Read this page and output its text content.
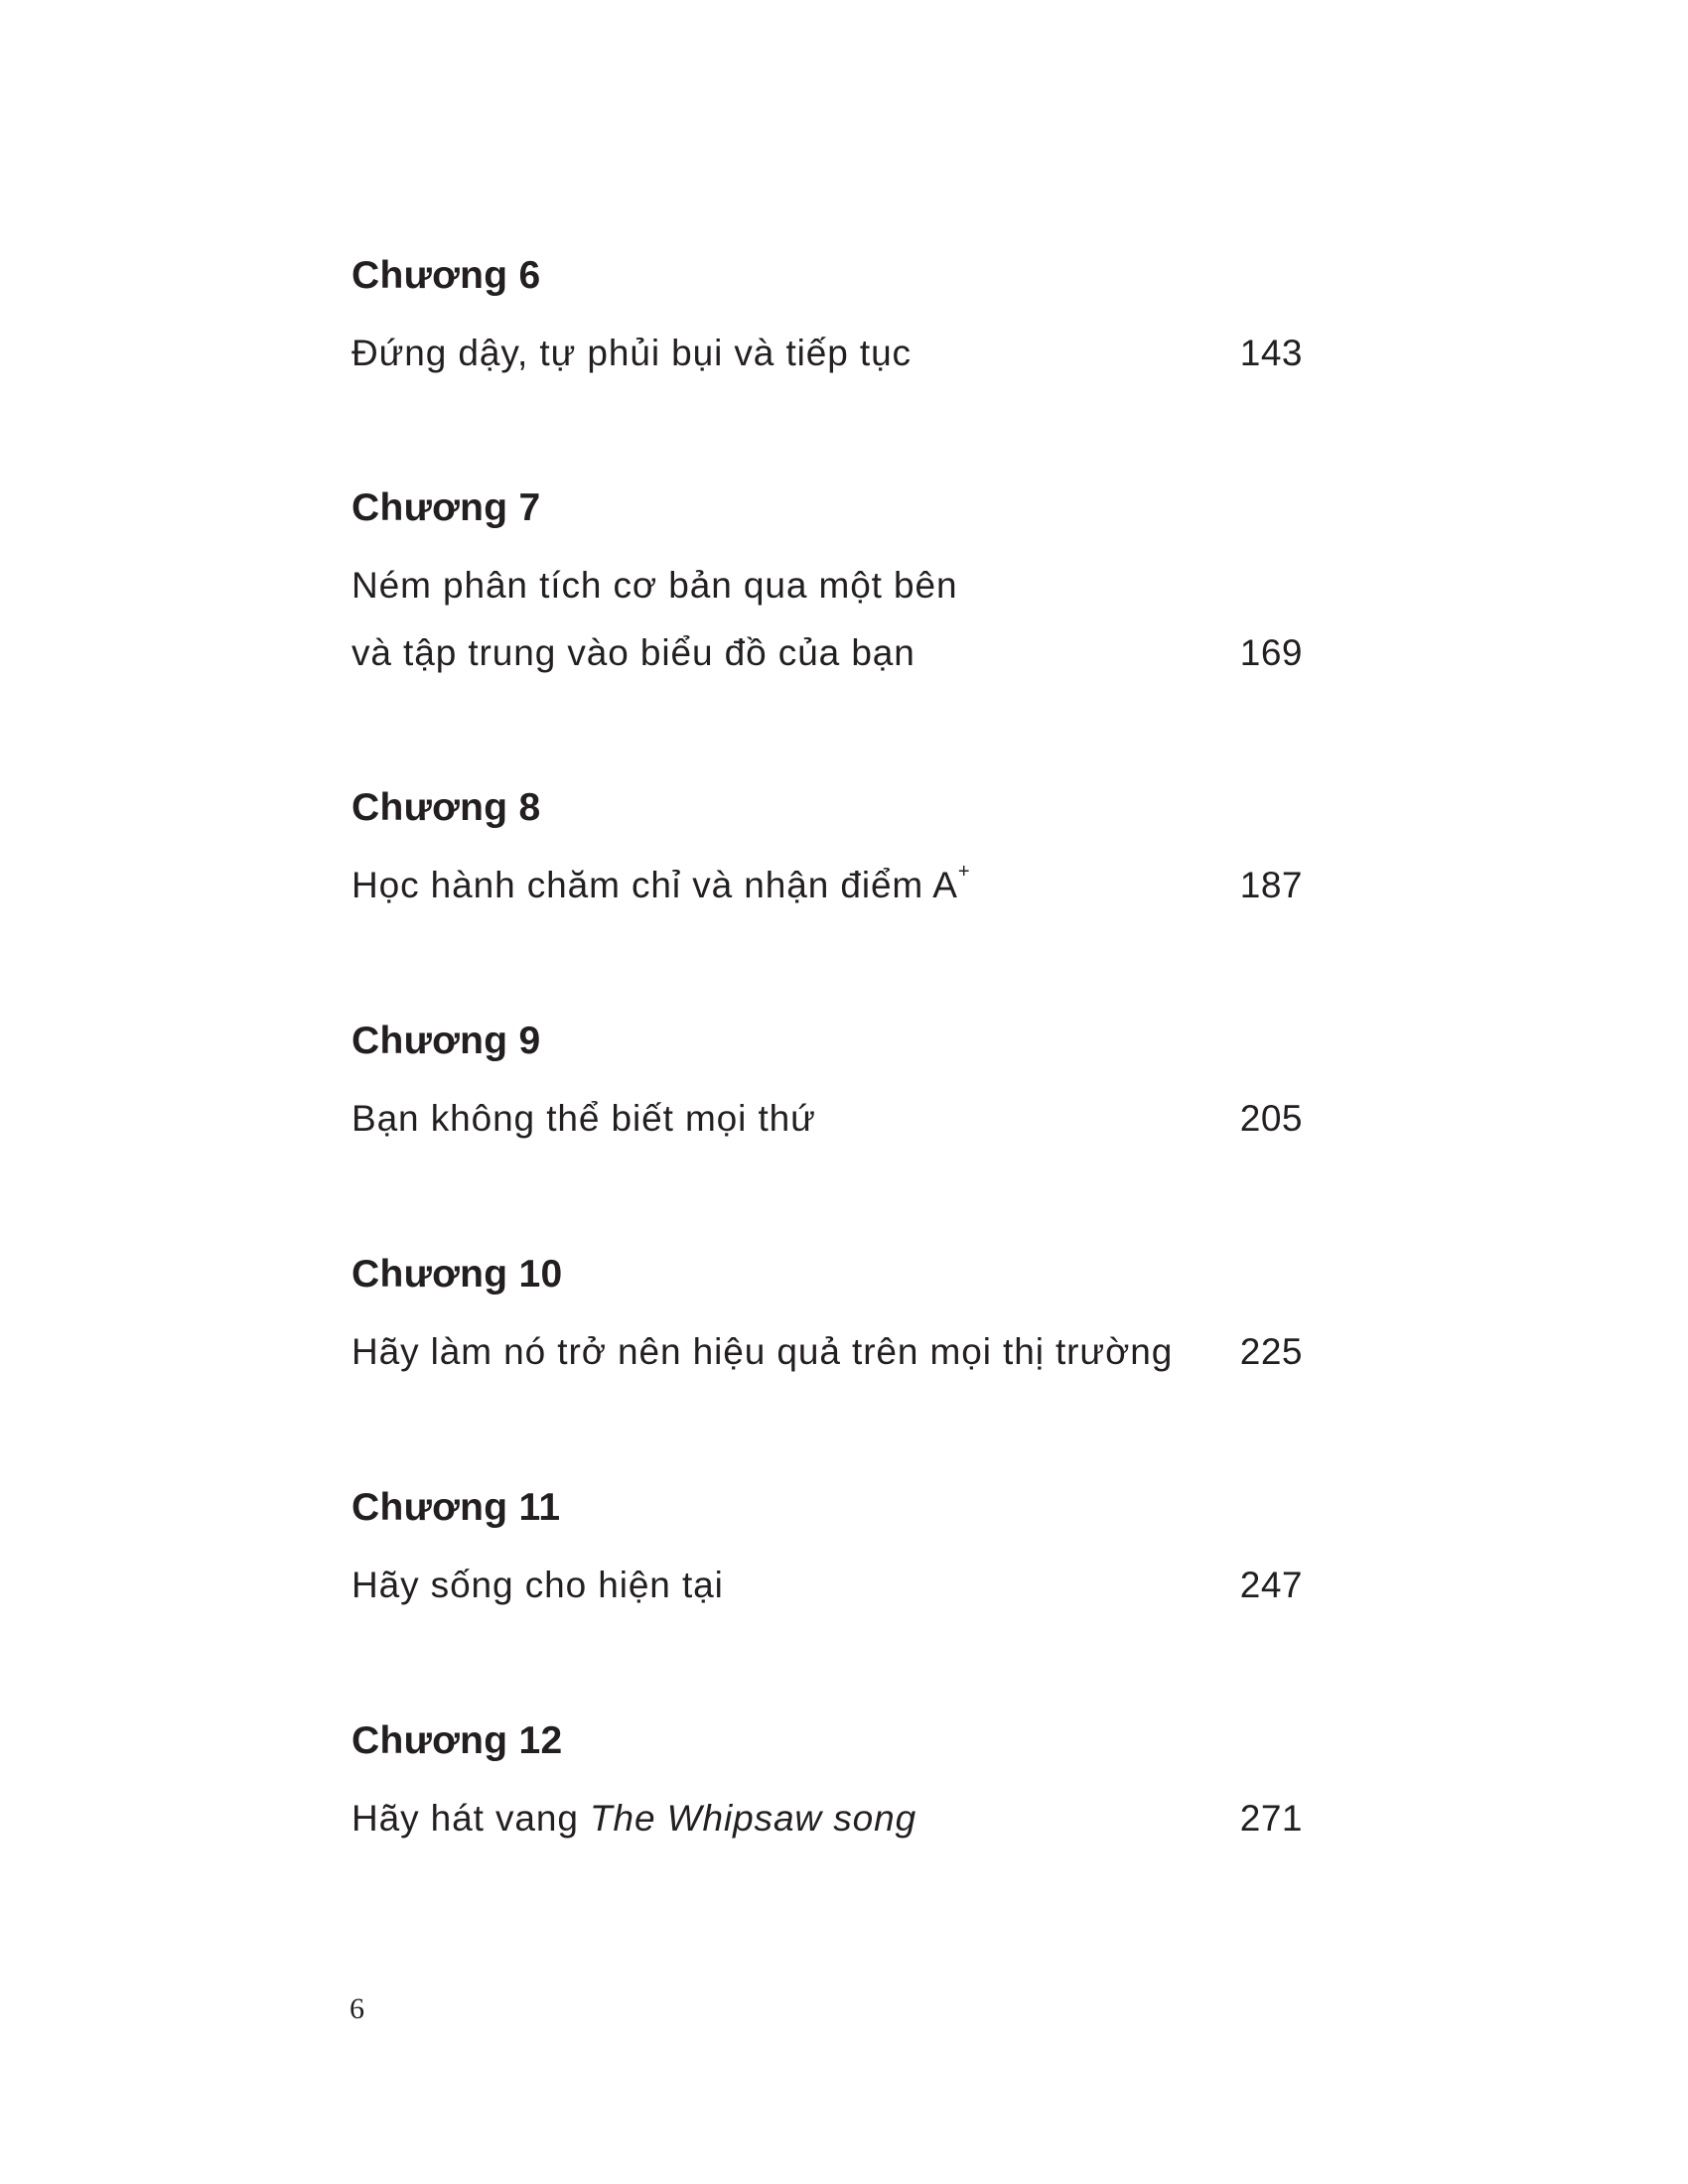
Chương 6
Đứng dậy, tự phủi bụi và tiếp tục	143
Chương 7
Ném phân tích cơ bản qua một bên
và tập trung vào biểu đồ của bạn	169
Chương 8
Học hành chăm chỉ và nhận điểm A+	187
Chương 9
Bạn không thể biết mọi thứ	205
Chương 10
Hãy làm nó trở nên hiệu quả trên mọi thị trường 225
Chương 11
Hãy sống cho hiện tại	247
Chương 12
Hãy hát vang The Whipsaw song	271
6
